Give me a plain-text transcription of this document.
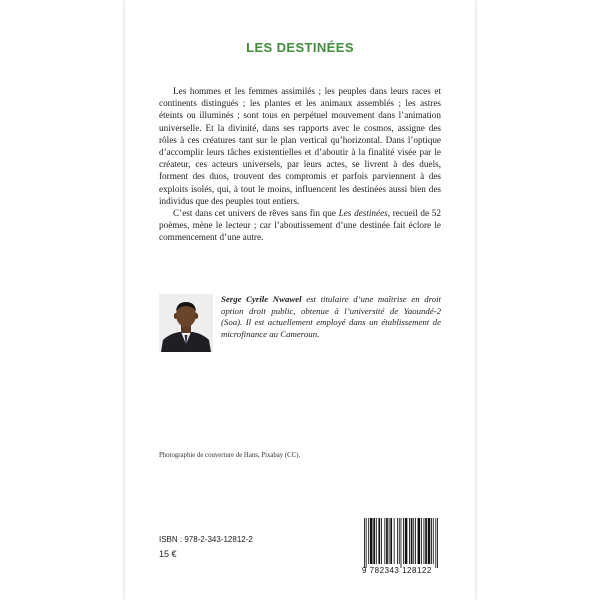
LES DESTINÉES

Les hommes et les femmes assimilés ; les peuples dans leurs races et continents distingués ; les plantes et les animaux assemblés ; les astres éteints ou illuminés ; sont tous en perpétuel mouvement dans l’animation universelle. Et la divinité, dans ses rapports avec le cosmos, assigne des rôles à ces créatures tant sur le plan vertical qu’horizontal. Dans l’optique d’accomplir leurs tâches existentielles et d’aboutir à la finalité visée par le créateur, ces acteurs universels, par leurs actes, se livrent à des duels, forment des duos, trouvent des compromis et parfois parviennent à des exploits isolés, qui, à tout le moins, influencent les destinées aussi bien des individus que des peuples tout entiers.

C’est dans cet univers de rêves sans fin que Les destinées, recueil de 52 poèmes, mène le lecteur ; car l’aboutissement d’une destinée fait éclore le commencement d’une autre.

Serge Cyrile Nwawel est titulaire d’une maîtrise en droit option droit public, obtenue à l’université de Yaoundé-2 (Soa). Il est actuellement employé dans un établissement de microfinance au Cameroun.
Photographie de couverture de Hans, Pixabay (CC).
ISBN : 978-2-343-12812-2
15 €
9 782343 128122
